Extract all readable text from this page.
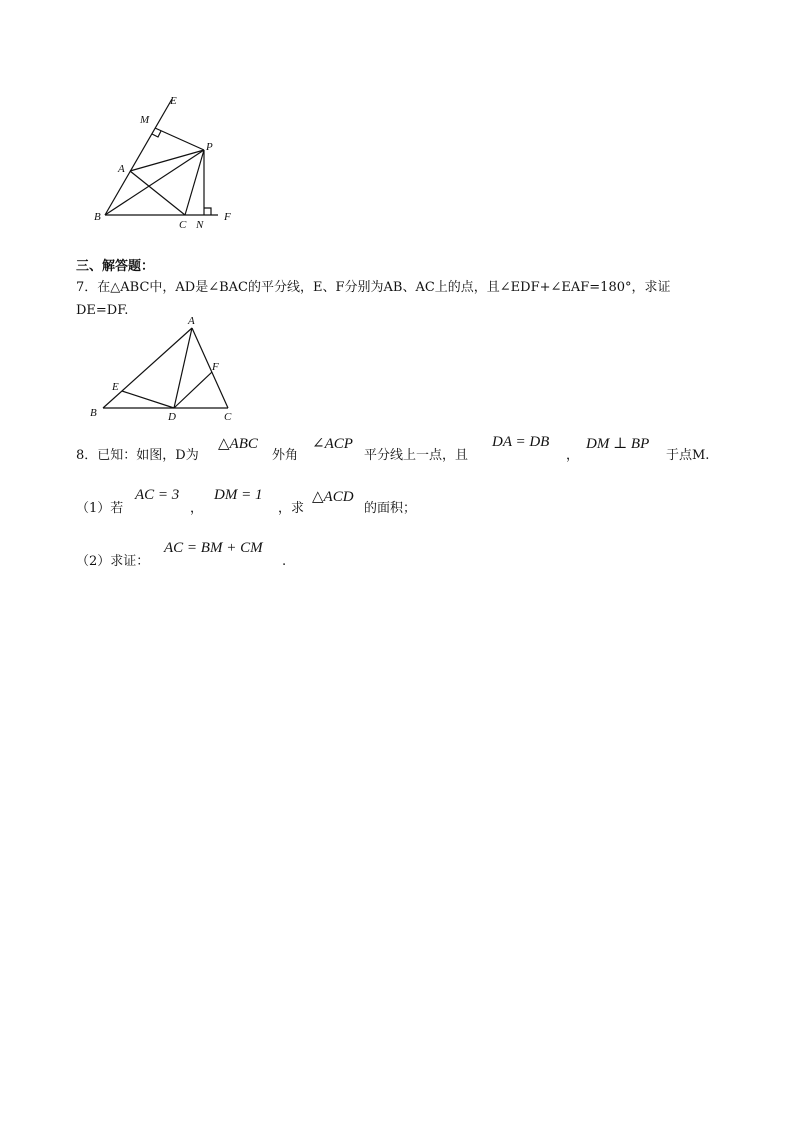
E
M
P
A
B
C N
F
三、解答题：
7．在△ABC中，AD是∠BAC的平分线，E、F分别为AB、AC上的点，且∠EDF+∠EAF=180°，求证
DE=DF.
A
B	C
D
E
F
8．已知：如图，D为
△ABC
外角
∠ACP
平分线上一点，且
DA = DB
，
DM ⊥ BP
于点M.
（1）若
AC = 3
，
DM = 1
，求
△ACD
的面积；
（2）求证：
AC = BM + CM
.
